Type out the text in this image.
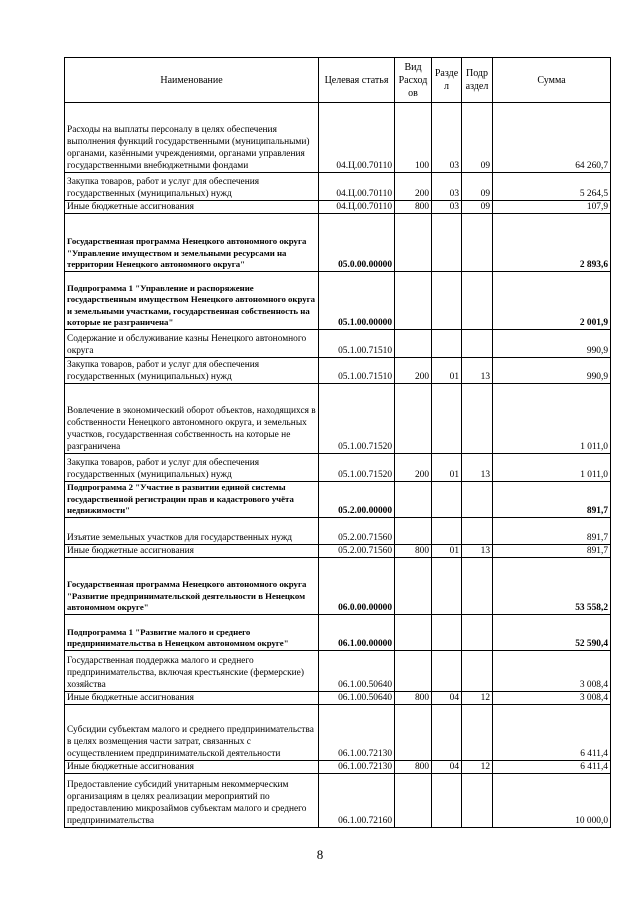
Наименование	Целевая статья	Вид Расход ов	Разде л	Подр аздел	Сумма
Расходы на выплаты персоналу в целях обеспечения выполнения функций государственными (муниципальными) органами, казёнными учреждениями, органами управления государственными внебюджетными фондами	04.Ц.00.70110	100	03	09	64 260,7
Закупка товаров, работ и услуг для обеспечения государственных (муниципальных) нужд	04.Ц.00.70110	200	03	09	5 264,5
Иные бюджетные ассигнования	04.Ц.00.70110	800	03	09	107,9
Государственная программа Ненецкого автономного округа "Управление имуществом и земельными ресурсами на территории Ненецкого автономного округа"	05.0.00.00000				2 893,6
Подпрограмма 1 "Управление и распоряжение государственным имуществом Ненецкого автономного округа и земельными участками, государственная собственность на которые не разграничена"	05.1.00.00000				2 001,9
Содержание и обслуживание казны Ненецкого автономного округа	05.1.00.71510				990,9
Закупка товаров, работ и услуг для обеспечения государственных (муниципальных) нужд	05.1.00.71510	200	01	13	990,9
Вовлечение в экономический оборот объектов, находящихся в собственности Ненецкого автономного округа, и земельных участков, государственная собственность на которые не разграничена	05.1.00.71520				1 011,0
Закупка товаров, работ и услуг для обеспечения государственных (муниципальных) нужд	05.1.00.71520	200	01	13	1 011,0
Подпрограмма 2 "Участие в развитии единой системы государственной регистрации прав и кадастрового учёта недвижимости"	05.2.00.00000				891,7
Изъятие земельных участков для государственных нужд	05.2.00.71560				891,7
Иные бюджетные ассигнования	05.2.00.71560	800	01	13	891,7
Государственная программа Ненецкого автономного округа "Развитие предпринимательской деятельности в Ненецком автономном округе"	06.0.00.00000				53 558,2
Подпрограмма 1 "Развитие малого и среднего предпринимательства в Ненецком автономном округе"	06.1.00.00000				52 590,4
Государственная поддержка малого и среднего предпринимательства, включая крестьянские (фермерские) хозяйства	06.1.00.50640				3 008,4
Иные бюджетные ассигнования	06.1.00.50640	800	04	12	3 008,4
Субсидии субъектам малого и среднего предпринимательства в целях возмещения части затрат, связанных с осуществлением предпринимательской деятельности	06.1.00.72130				6 411,4
Иные бюджетные ассигнования	06.1.00.72130	800	04	12	6 411,4
Предоставление субсидий унитарным некоммерческим организациям в целях реализации мероприятий по предоставлению микрозаймов субъектам малого и среднего предпринимательства	06.1.00.72160				10 000,0
8
